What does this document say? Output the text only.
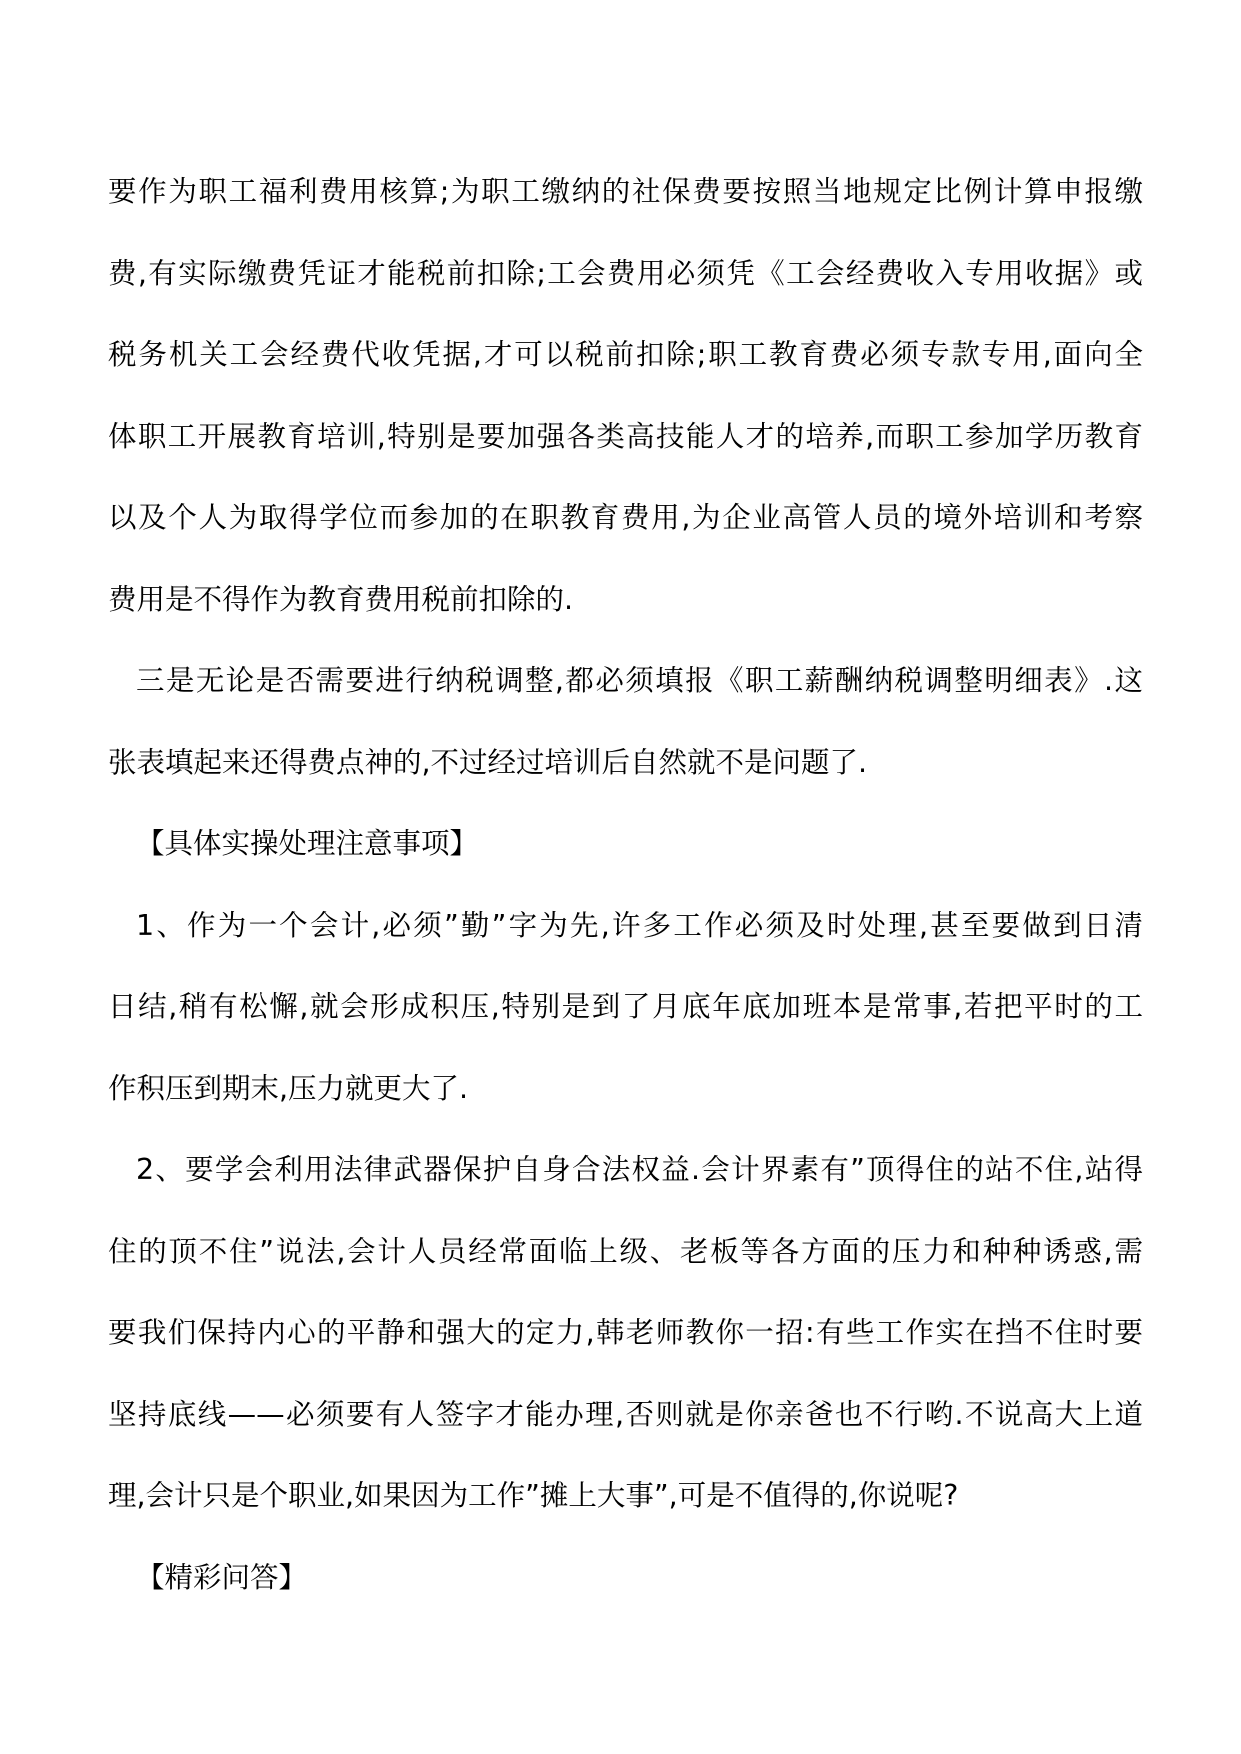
要作为职工福利费用核算;为职工缴纳的社保费要按照当地规定比例计算申报缴
费,有实际缴费凭证才能税前扣除;工会费用必须凭《工会经费收入专用收据》或
税务机关工会经费代收凭据,才可以税前扣除;职工教育费必须专款专用,面向全
体职工开展教育培训,特别是要加强各类高技能人才的培养,而职工参加学历教育
以及个人为取得学位而参加的在职教育费用,为企业高管人员的境外培训和考察
费用是不得作为教育费用税前扣除的.
三是无论是否需要进行纳税调整,都必须填报《职工薪酬纳税调整明细表》.这
张表填起来还得费点神的,不过经过培训后自然就不是问题了.
【具体实操处理注意事项】
1、作为一个会计,必须”勤”字为先,许多工作必须及时处理,甚至要做到日清
日结,稍有松懈,就会形成积压,特别是到了月底年底加班本是常事,若把平时的工
作积压到期末,压力就更大了.
2、要学会利用法律武器保护自身合法权益.会计界素有”顶得住的站不住,站得
住的顶不住”说法,会计人员经常面临上级、老板等各方面的压力和种种诱惑,需
要我们保持内心的平静和强大的定力,韩老师教你一招:有些工作实在挡不住时要
坚持底线——必须要有人签字才能办理,否则就是你亲爸也不行哟.不说高大上道
理,会计只是个职业,如果因为工作”摊上大事”,可是不值得的,你说呢?
【精彩问答】
